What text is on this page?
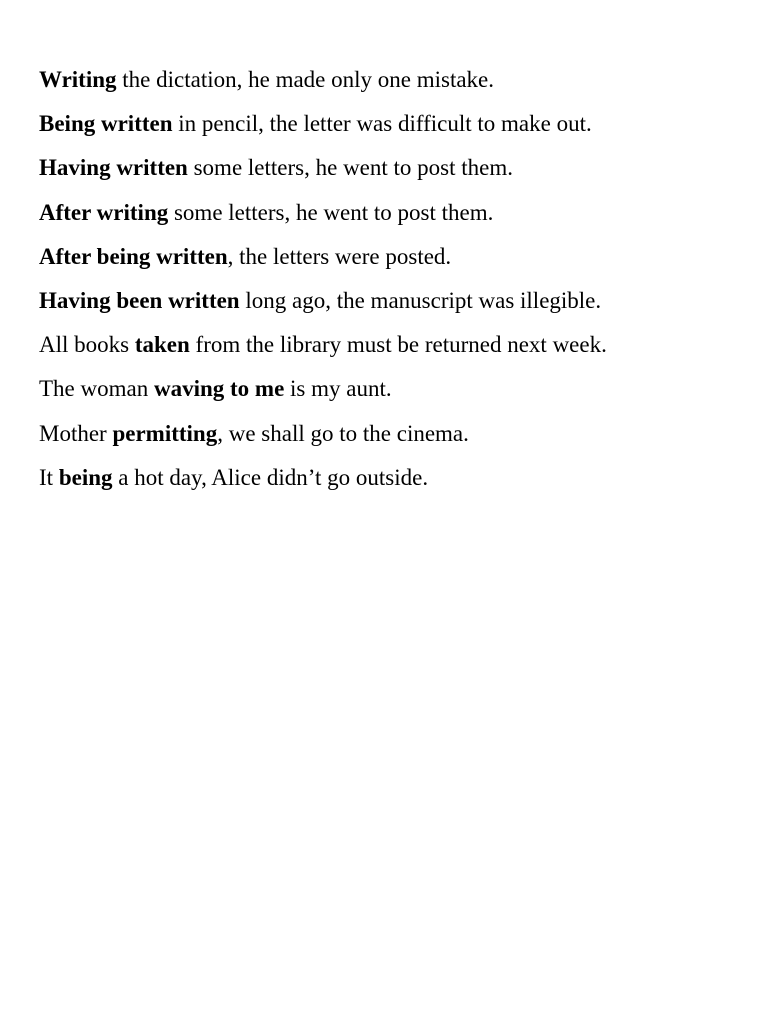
Writing the dictation, he made only one mistake.
Being written in pencil, the letter was difficult to make out.
Having written some letters, he went to post them.
After writing some letters, he went to post them.
After being written, the letters were posted.
Having been written long ago, the manuscript was illegible.
All books taken from the library must be returned next week.
The woman waving to me is my aunt.
Mother permitting, we shall go to the cinema.
It being a hot day, Alice didn’t go outside.
